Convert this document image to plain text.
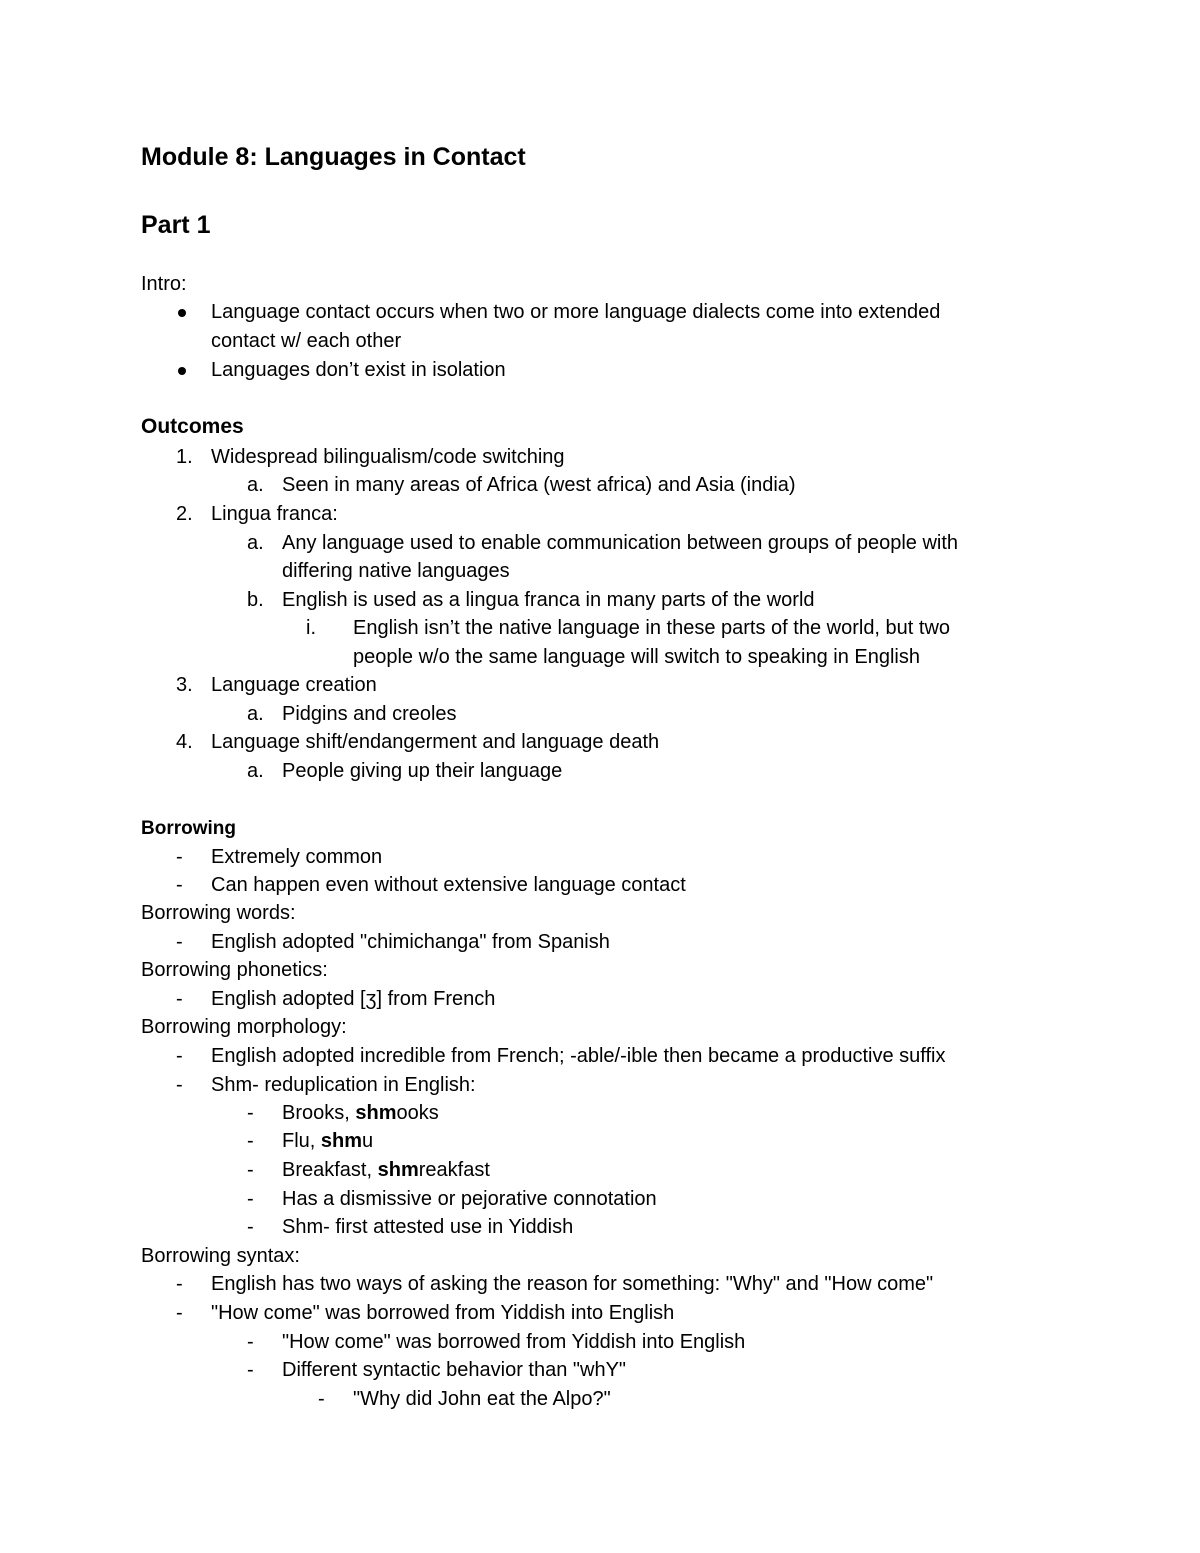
Module 8: Languages in Contact
Part 1
Intro:
Language contact occurs when two or more language dialects come into extended
contact w/ each other
Languages don’t exist in isolation
Outcomes
1. Widespread bilingualism/code switching
a. Seen in many areas of Africa (west africa) and Asia (india)
2. Lingua franca:
a. Any language used to enable communication between groups of people with
differing native languages
b. English is used as a lingua franca in many parts of the world
i. English isn’t the native language in these parts of the world, but two
people w/o the same language will switch to speaking in English
3. Language creation
a. Pidgins and creoles
4. Language shift/endangerment and language death
a. People giving up their language
Borrowing
- Extremely common
- Can happen even without extensive language contact
Borrowing words:
- English adopted "chimichanga" from Spanish
Borrowing phonetics:
- English adopted [ʒ] from French
Borrowing morphology:
- English adopted incredible from French; -able/-ible then became a productive suffix
- Shm- reduplication in English:
- Brooks, shmooks
- Flu, shmu
- Breakfast, shmreakfast
- Has a dismissive or pejorative connotation
- Shm- first attested use in Yiddish
Borrowing syntax:
- English has two ways of asking the reason for something: "Why" and "How come"
- "How come" was borrowed from Yiddish into English
- "How come" was borrowed from Yiddish into English
- Different syntactic behavior than "whY"
- "Why did John eat the Alpo?"
